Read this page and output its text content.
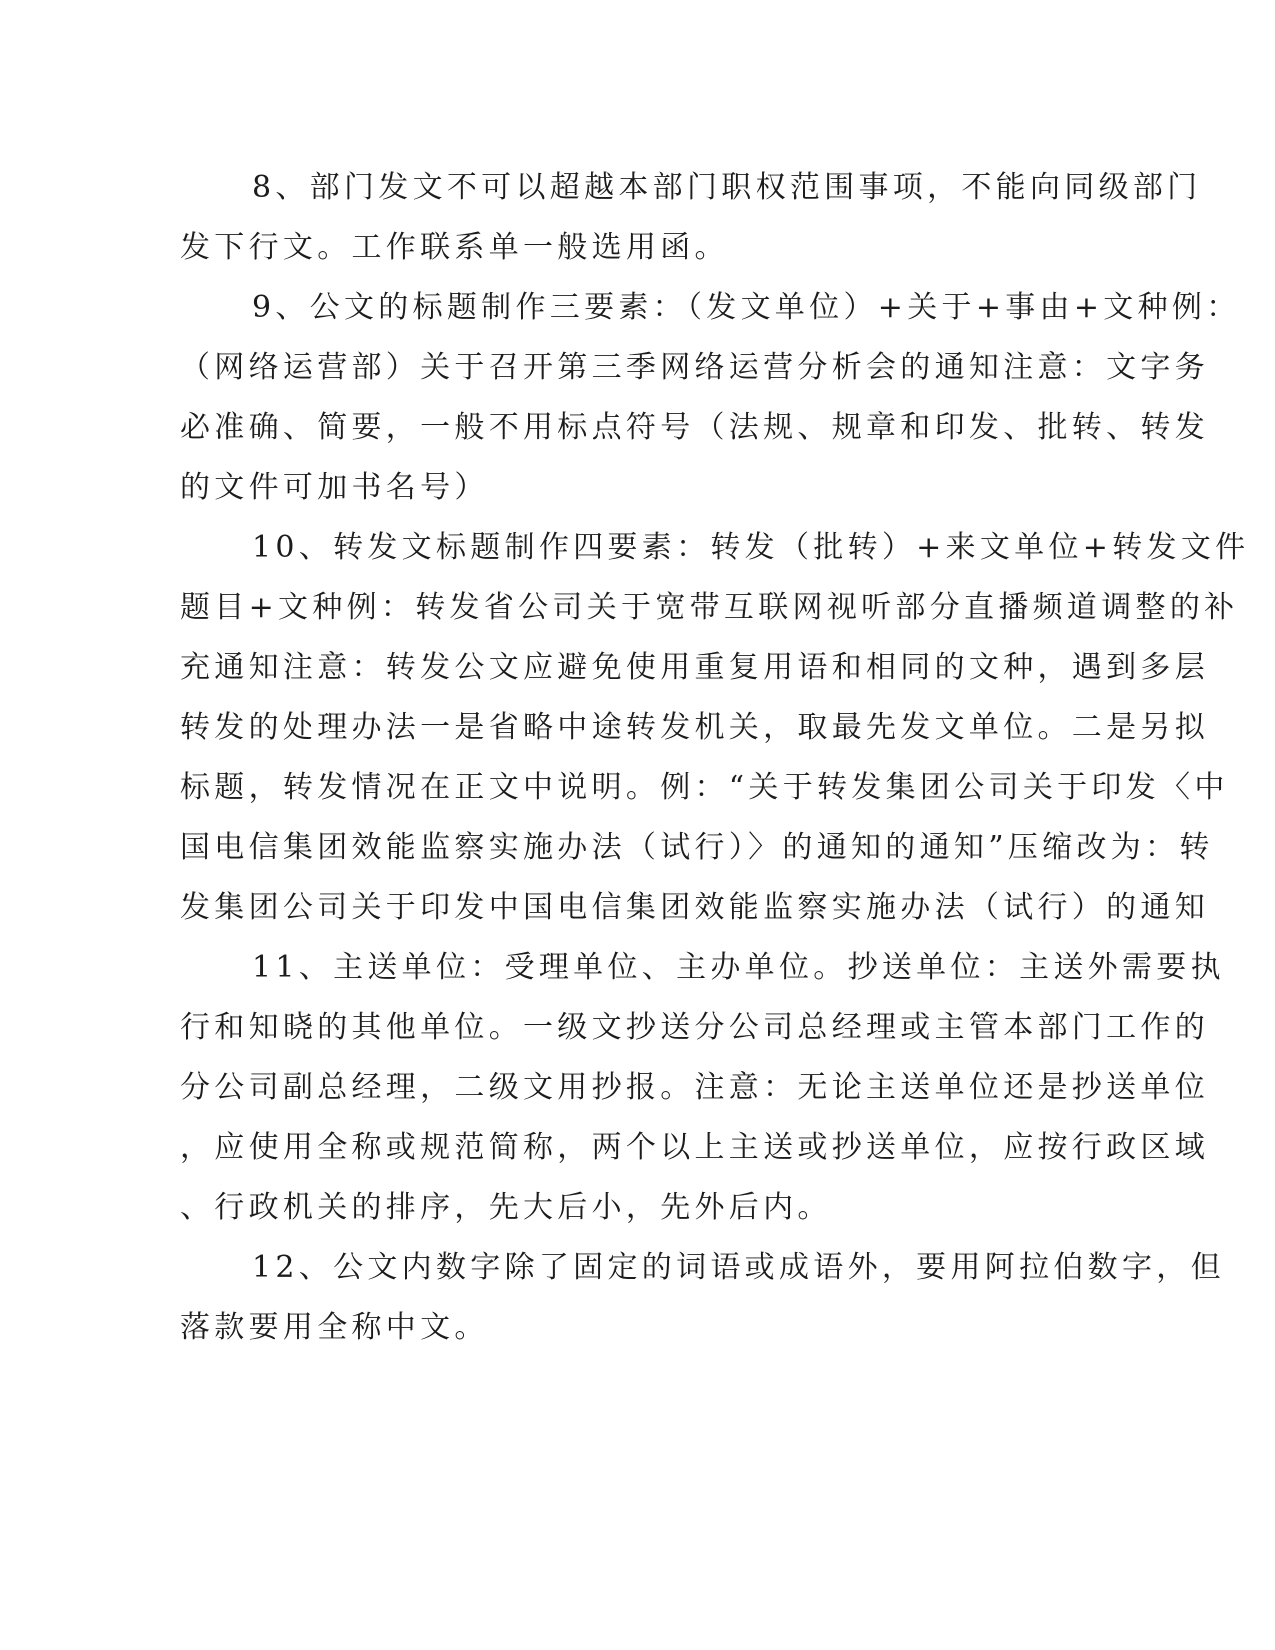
8、部门发文不可以超越本部门职权范围事项，不能向同级部门
发下行文。工作联系单一般选用函。
9、公文的标题制作三要素：（发文单位）+关于+事由+文种例：
（网络运营部）关于召开第三季网络运营分析会的通知注意：文字务
必准确、简要，一般不用标点符号（法规、规章和印发、批转、转发
的文件可加书名号）
10、转发文标题制作四要素：转发（批转）+来文单位+转发文件
题目+文种例：转发省公司关于宽带互联网视听部分直播频道调整的补
充通知注意：转发公文应避免使用重复用语和相同的文种，遇到多层
转发的处理办法一是省略中途转发机关，取最先发文单位。二是另拟
标题，转发情况在正文中说明。例：“关于转发集团公司关于印发〈中
国电信集团效能监察实施办法（试行）〉的通知的通知”压缩改为：转
发集团公司关于印发中国电信集团效能监察实施办法（试行）的通知
11、主送单位：受理单位、主办单位。抄送单位：主送外需要执
行和知晓的其他单位。一级文抄送分公司总经理或主管本部门工作的
分公司副总经理，二级文用抄报。注意：无论主送单位还是抄送单位
，应使用全称或规范简称，两个以上主送或抄送单位，应按行政区域
、行政机关的排序，先大后小，先外后内。
12、公文内数字除了固定的词语或成语外，要用阿拉伯数字，但
落款要用全称中文。
